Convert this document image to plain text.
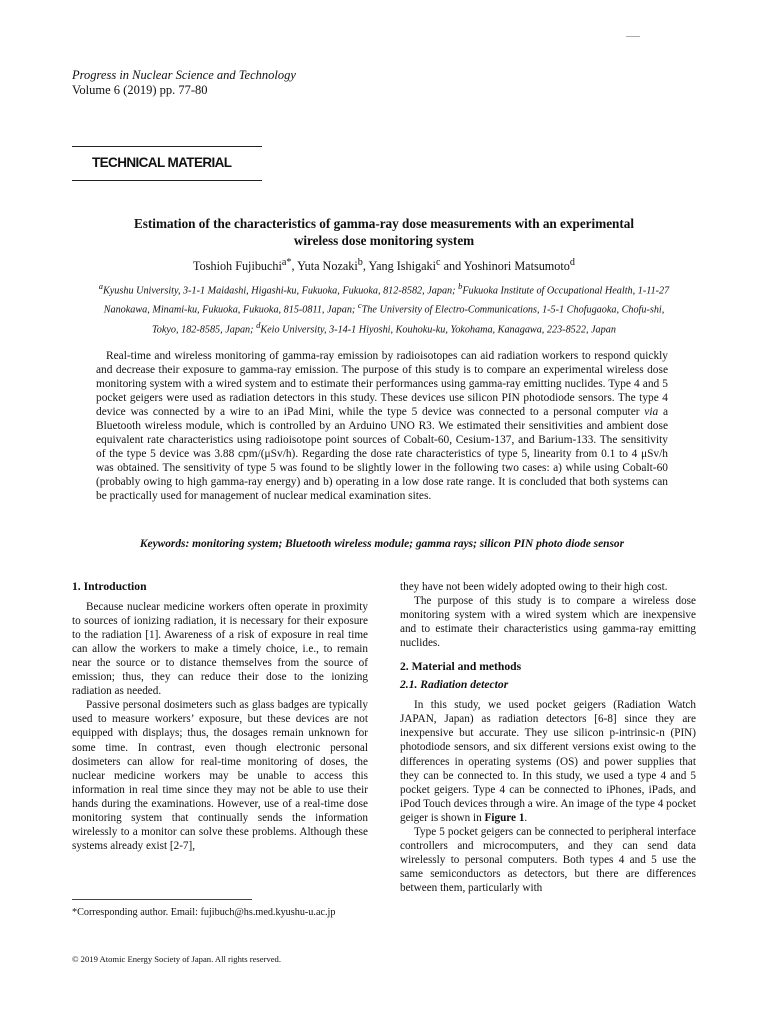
Progress in Nuclear Science and Technology
Volume 6 (2019) pp. 77-80
TECHNICAL MATERIAL
Estimation of the characteristics of gamma-ray dose measurements with an experimental
wireless dose monitoring system
Toshioh Fujibuchi$^{a*}$, Yuta Nozaki$^b$, Yang Ishigaki$^c$ and Yoshinori Matsumoto$^d$
$^a$Kyushu University, 3-1-1 Maidashi, Higashi-ku, Fukuoka, Fukuoka, 812-8582, Japan; $^b$Fukuoka Institute of Occupational Health, 1-11-27 Nanokawa, Minami-ku, Fukuoka, Fukuoka, 815-0811, Japan; $^c$The University of Electro-Communications, 1-5-1 Chofugaoka, Chofu-shi, Tokyo, 182-8585, Japan; $^d$Keio University, 3-14-1 Hiyoshi, Kouhoku-ku, Yokohama, Kanagawa, 223-8522, Japan
Real-time and wireless monitoring of gamma-ray emission by radioisotopes can aid radiation workers to respond quickly and decrease their exposure to gamma-ray emission. The purpose of this study is to compare an experimental wireless dose monitoring system with a wired system and to estimate their performances using gamma-ray emitting nuclides. Type 4 and 5 pocket geigers were used as radiation detectors in this study. These devices use silicon PIN photodiode sensors. The type 4 device was connected by a wire to an iPad Mini, while the type 5 device was connected to a personal computer via a Bluetooth wireless module, which is controlled by an Arduino UNO R3. We estimated their sensitivities and ambient dose equivalent rate characteristics using radioisotope point sources of Cobalt-60, Cesium-137, and Barium-133. The sensitivity of the type 5 device was 3.88 cpm/(μSv/h). Regarding the dose rate characteristics of type 5, linearity from 0.1 to 4 μSv/h was obtained. The sensitivity of type 5 was found to be slightly lower in the following two cases: a) while using Cobalt-60 (probably owing to high gamma-ray energy) and b) operating in a low dose rate range. It is concluded that both systems can be practically used for management of nuclear medical examination sites.
Keywords: monitoring system; Bluetooth wireless module; gamma rays; silicon PIN photo diode sensor
1. Introduction

Because nuclear medicine workers often operate in proximity to sources of ionizing radiation, it is necessary for their exposure to the radiation [1]. Awareness of a risk of exposure in real time can allow the workers to make a timely choice, i.e., to remain near the source or to distance themselves from the source of emission; thus, they can reduce their dose to the ionizing radiation as needed.

Passive personal dosimeters such as glass badges are typically used to measure workers’ exposure, but these devices are not equipped with displays; thus, the dosages remain unknown for some time. In contrast, even though electronic personal dosimeters can allow for real-time monitoring of doses, the nuclear medicine workers may be unable to access this information in real time since they may not be able to use their hands during the examinations. However, use of a real-time dose monitoring system that continually sends the information wirelessly to a monitor can solve these problems. Although these systems already exist [2-7],

they have not been widely adopted owing to their high cost.

The purpose of this study is to compare a wireless dose monitoring system with a wired system which are inexpensive and to estimate their characteristics using gamma-ray emitting nuclides.

2. Material and methods
2.1. Radiation detector

In this study, we used pocket geigers (Radiation Watch JAPAN, Japan) as radiation detectors [6-8] since they are inexpensive but accurate. They use silicon p-intrinsic-n (PIN) photodiode sensors, and six different versions exist owing to the differences in operating systems (OS) and power supplies that they can be connected to. In this study, we used a type 4 and 5 pocket geigers. Type 4 can be connected to iPhones, iPads, and iPod Touch devices through a wire. An image of the type 4 pocket geiger is shown in Figure 1.

Type 5 pocket geigers can be connected to peripheral interface controllers and microcomputers, and they can send data wirelessly to personal computers. Both types 4 and 5 use the same semiconductors as detectors, but there are differences between them, particularly with

*Corresponding author. Email: fujibuch@hs.med.kyushu-u.ac.jp
© 2019 Atomic Energy Society of Japan. All rights reserved.
